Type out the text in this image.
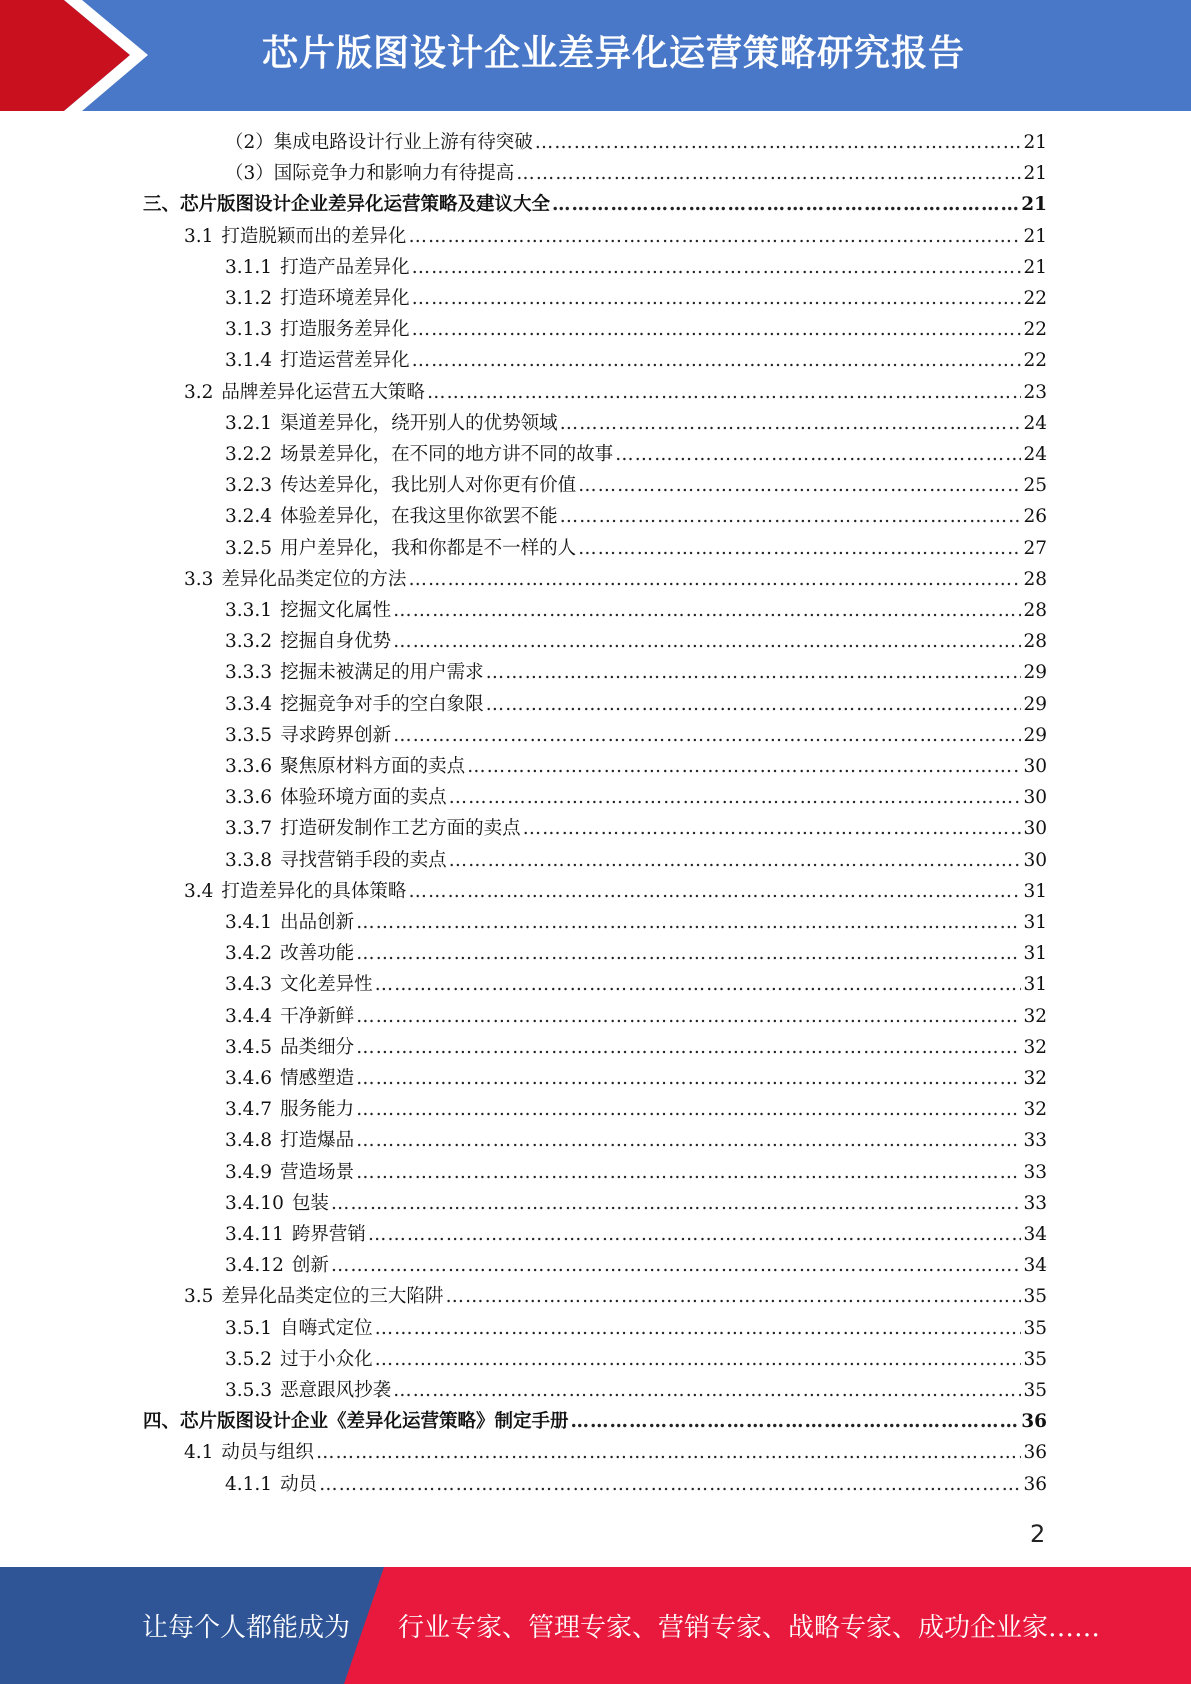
芯片版图设计企业差异化运营策略研究报告
（2）集成电路设计行业上游有待突破 …………………………………………………………………………………………………………………………………………………………………………………………………………………………………………………	21
（3）国际竞争力和影响力有待提高 …………………………………………………………………………………………………………………………………………………………………………………………………………………………………………………	21
三、芯片版图设计企业差异化运营策略及建议大全 …………………………………………………………………………………………………………………………………………………………………………………………………………………………………………………	21
3.1 打造脱颖而出的差异化 …………………………………………………………………………………………………………………………………………………………………………………………………………………………………………………	21
3.1.1 打造产品差异化 …………………………………………………………………………………………………………………………………………………………………………………………………………………………………………………	21
3.1.2 打造环境差异化 …………………………………………………………………………………………………………………………………………………………………………………………………………………………………………………	22
3.1.3 打造服务差异化 …………………………………………………………………………………………………………………………………………………………………………………………………………………………………………………	22
3.1.4 打造运营差异化 …………………………………………………………………………………………………………………………………………………………………………………………………………………………………………………	22
3.2 品牌差异化运营五大策略 …………………………………………………………………………………………………………………………………………………………………………………………………………………………………………………	23
3.2.1 渠道差异化，绕开别人的优势领域 …………………………………………………………………………………………………………………………………………………………………………………………………………………………………………………	24
3.2.2 场景差异化，在不同的地方讲不同的故事 …………………………………………………………………………………………………………………………………………………………………………………………………………………………………………………	24
3.2.3 传达差异化，我比别人对你更有价值 …………………………………………………………………………………………………………………………………………………………………………………………………………………………………………………	25
3.2.4 体验差异化，在我这里你欲罢不能 …………………………………………………………………………………………………………………………………………………………………………………………………………………………………………………	26
3.2.5 用户差异化，我和你都是不一样的人 …………………………………………………………………………………………………………………………………………………………………………………………………………………………………………………	27
3.3 差异化品类定位的方法 …………………………………………………………………………………………………………………………………………………………………………………………………………………………………………………	28
3.3.1 挖掘文化属性 …………………………………………………………………………………………………………………………………………………………………………………………………………………………………………………	28
3.3.2 挖掘自身优势 …………………………………………………………………………………………………………………………………………………………………………………………………………………………………………………	28
3.3.3 挖掘未被满足的用户需求 …………………………………………………………………………………………………………………………………………………………………………………………………………………………………………………	29
3.3.4 挖掘竞争对手的空白象限 …………………………………………………………………………………………………………………………………………………………………………………………………………………………………………………	29
3.3.5 寻求跨界创新 …………………………………………………………………………………………………………………………………………………………………………………………………………………………………………………	29
3.3.6 聚焦原材料方面的卖点 …………………………………………………………………………………………………………………………………………………………………………………………………………………………………………………	30
3.3.6 体验环境方面的卖点 …………………………………………………………………………………………………………………………………………………………………………………………………………………………………………………	30
3.3.7 打造研发制作工艺方面的卖点 …………………………………………………………………………………………………………………………………………………………………………………………………………………………………………………	30
3.3.8 寻找营销手段的卖点 …………………………………………………………………………………………………………………………………………………………………………………………………………………………………………………	30
3.4 打造差异化的具体策略 …………………………………………………………………………………………………………………………………………………………………………………………………………………………………………………	31
3.4.1 出品创新 …………………………………………………………………………………………………………………………………………………………………………………………………………………………………………………	31
3.4.2 改善功能 …………………………………………………………………………………………………………………………………………………………………………………………………………………………………………………	31
3.4.3 文化差异性 …………………………………………………………………………………………………………………………………………………………………………………………………………………………………………………	31
3.4.4 干净新鲜 …………………………………………………………………………………………………………………………………………………………………………………………………………………………………………………	32
3.4.5 品类细分 …………………………………………………………………………………………………………………………………………………………………………………………………………………………………………………	32
3.4.6 情感塑造 …………………………………………………………………………………………………………………………………………………………………………………………………………………………………………………	32
3.4.7 服务能力 …………………………………………………………………………………………………………………………………………………………………………………………………………………………………………………	32
3.4.8 打造爆品 …………………………………………………………………………………………………………………………………………………………………………………………………………………………………………………	33
3.4.9 营造场景 …………………………………………………………………………………………………………………………………………………………………………………………………………………………………………………	33
3.4.10 包装 …………………………………………………………………………………………………………………………………………………………………………………………………………………………………………………	33
3.4.11 跨界营销 …………………………………………………………………………………………………………………………………………………………………………………………………………………………………………………	34
3.4.12 创新 …………………………………………………………………………………………………………………………………………………………………………………………………………………………………………………	34
3.5 差异化品类定位的三大陷阱 …………………………………………………………………………………………………………………………………………………………………………………………………………………………………………………	35
3.5.1 自嗨式定位 …………………………………………………………………………………………………………………………………………………………………………………………………………………………………………………	35
3.5.2 过于小众化 …………………………………………………………………………………………………………………………………………………………………………………………………………………………………………………	35
3.5.3 恶意跟风抄袭 …………………………………………………………………………………………………………………………………………………………………………………………………………………………………………………	35
四、芯片版图设计企业《差异化运营策略》制定手册 …………………………………………………………………………………………………………………………………………………………………………………………………………………………………………………	36
4.1 动员与组织 …………………………………………………………………………………………………………………………………………………………………………………………………………………………………………………	36
4.1.1 动员 …………………………………………………………………………………………………………………………………………………………………………………………………………………………………………………	36
2
让每个人都能成为 行业专家、管理专家、营销专家、战略专家、成功企业家……
